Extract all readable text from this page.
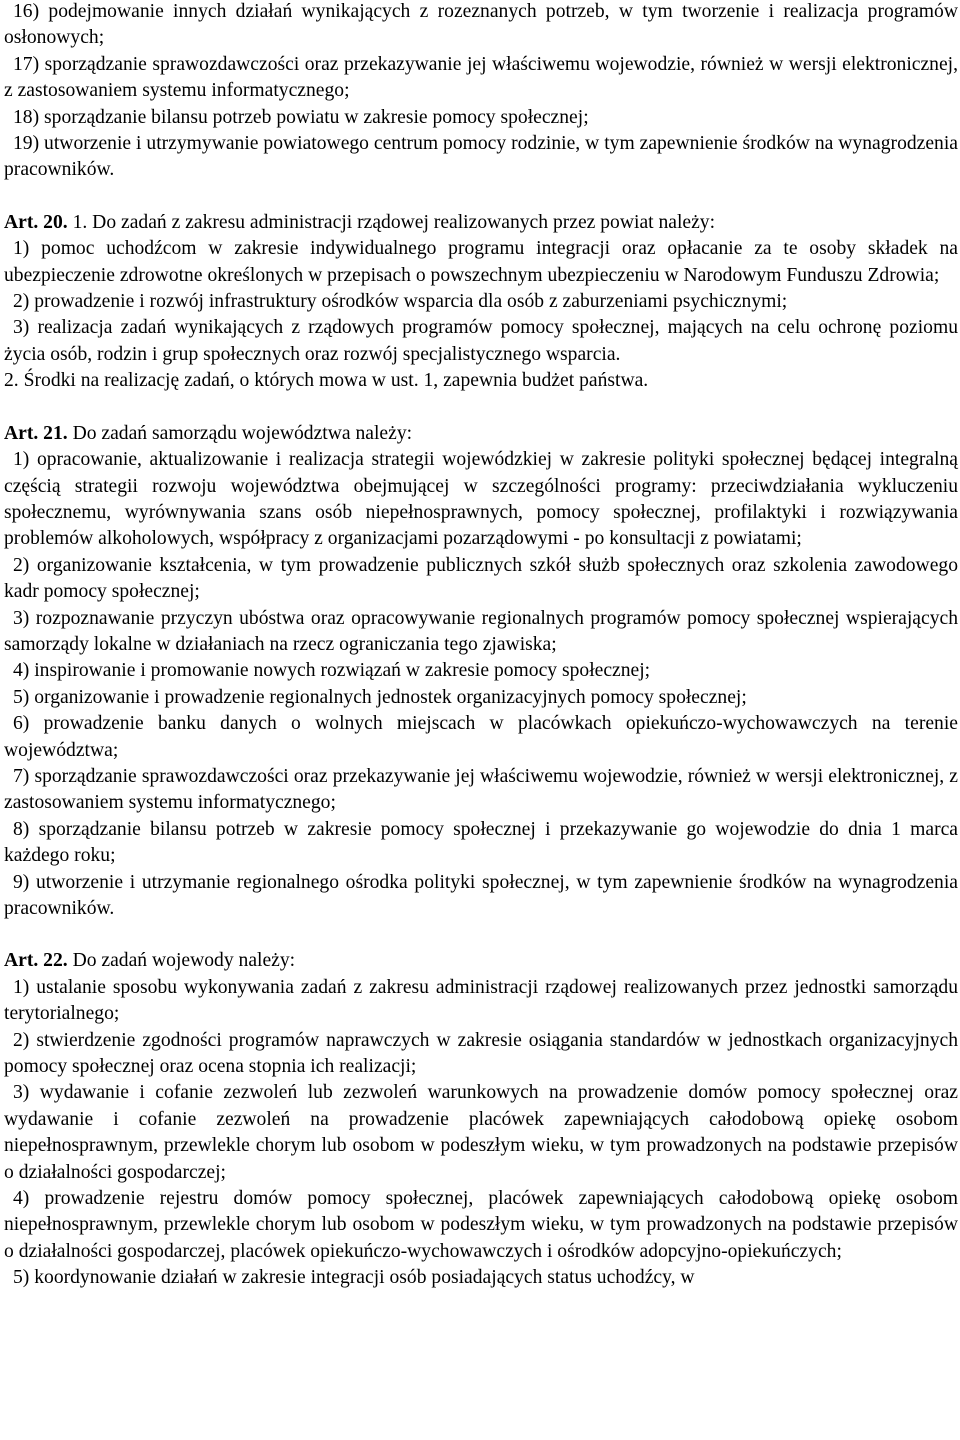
16) podejmowanie innych działań wynikających z rozeznanych potrzeb, w tym tworzenie i realizacja programów osłonowych;

17) sporządzanie sprawozdawczości oraz przekazywanie jej właściwemu wojewodzie, również w wersji elektronicznej, z zastosowaniem systemu informatycznego;

18) sporządzanie bilansu potrzeb powiatu w zakresie pomocy społecznej;

19) utworzenie i utrzymywanie powiatowego centrum pomocy rodzinie, w tym zapewnienie środków na wynagrodzenia pracowników.

Art. 20. 1. Do zadań z zakresu administracji rządowej realizowanych przez powiat należy:

1) pomoc uchodźcom w zakresie indywidualnego programu integracji oraz opłacanie za te osoby składek na ubezpieczenie zdrowotne określonych w przepisach o powszechnym ubezpieczeniu w Narodowym Funduszu Zdrowia;

2) prowadzenie i rozwój infrastruktury ośrodków wsparcia dla osób z zaburzeniami psychicznymi;

3) realizacja zadań wynikających z rządowych programów pomocy społecznej, mających na celu ochronę poziomu życia osób, rodzin i grup społecznych oraz rozwój specjalistycznego wsparcia.

2. Środki na realizację zadań, o których mowa w ust. 1, zapewnia budżet państwa.

Art. 21. Do zadań samorządu województwa należy:

1) opracowanie, aktualizowanie i realizacja strategii wojewódzkiej w zakresie polityki społecznej będącej integralną częścią strategii rozwoju województwa obejmującej w szczególności programy: przeciwdziałania wykluczeniu społecznemu, wyrównywania szans osób niepełnosprawnych, pomocy społecznej, profilaktyki i rozwiązywania problemów alkoholowych, współpracy z organizacjami pozarządowymi - po konsultacji z powiatami;

2) organizowanie kształcenia, w tym prowadzenie publicznych szkół służb społecznych oraz szkolenia zawodowego kadr pomocy społecznej;

3) rozpoznawanie przyczyn ubóstwa oraz opracowywanie regionalnych programów pomocy społecznej wspierających samorządy lokalne w działaniach na rzecz ograniczania tego zjawiska;

4) inspirowanie i promowanie nowych rozwiązań w zakresie pomocy społecznej;

5) organizowanie i prowadzenie regionalnych jednostek organizacyjnych pomocy społecznej;

6) prowadzenie banku danych o wolnych miejscach w placówkach opiekuńczo-wychowawczych na terenie województwa;

7) sporządzanie sprawozdawczości oraz przekazywanie jej właściwemu wojewodzie, również w wersji elektronicznej, z zastosowaniem systemu informatycznego;

8) sporządzanie bilansu potrzeb w zakresie pomocy społecznej i przekazywanie go wojewodzie do dnia 1 marca każdego roku;

9) utworzenie i utrzymanie regionalnego ośrodka polityki społecznej, w tym zapewnienie środków na wynagrodzenia pracowników.

Art. 22. Do zadań wojewody należy:

1) ustalanie sposobu wykonywania zadań z zakresu administracji rządowej realizowanych przez jednostki samorządu terytorialnego;

2) stwierdzenie zgodności programów naprawczych w zakresie osiągania standardów w jednostkach organizacyjnych pomocy społecznej oraz ocena stopnia ich realizacji;

3) wydawanie i cofanie zezwoleń lub zezwoleń warunkowych na prowadzenie domów pomocy społecznej oraz wydawanie i cofanie zezwoleń na prowadzenie placówek zapewniających całodobową opiekę osobom niepełnosprawnym, przewlekle chorym lub osobom w podeszłym wieku, w tym prowadzonych na podstawie przepisów o działalności gospodarczej;

4) prowadzenie rejestru domów pomocy społecznej, placówek zapewniających całodobową opiekę osobom niepełnosprawnym, przewlekle chorym lub osobom w podeszłym wieku, w tym prowadzonych na podstawie przepisów o działalności gospodarczej, placówek opiekuńczo-wychowawczych i ośrodków adopcyjno-opiekuńczych;

5) koordynowanie działań w zakresie integracji osób posiadających status uchodźcy, w
